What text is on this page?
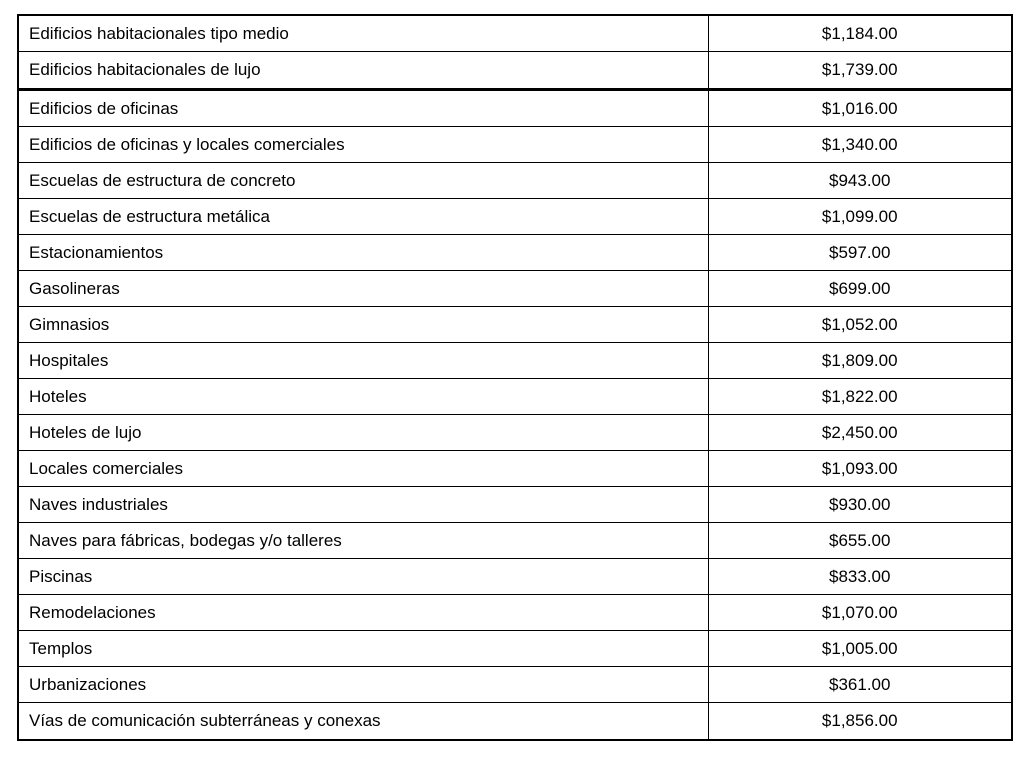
Edificios habitacionales tipo medio	$1,184.00
Edificios habitacionales de lujo	$1,739.00
Edificios de oficinas	$1,016.00
Edificios de oficinas y locales comerciales	$1,340.00
Escuelas de estructura de concreto	$943.00
Escuelas de estructura metálica	$1,099.00
Estacionamientos	$597.00
Gasolineras	$699.00
Gimnasios	$1,052.00
Hospitales	$1,809.00
Hoteles	$1,822.00
Hoteles de lujo	$2,450.00
Locales comerciales	$1,093.00
Naves industriales	$930.00
Naves para fábricas, bodegas y/o talleres	$655.00
Piscinas	$833.00
Remodelaciones	$1,070.00
Templos	$1,005.00
Urbanizaciones	$361.00
Vías de comunicación subterráneas y conexas	$1,856.00
